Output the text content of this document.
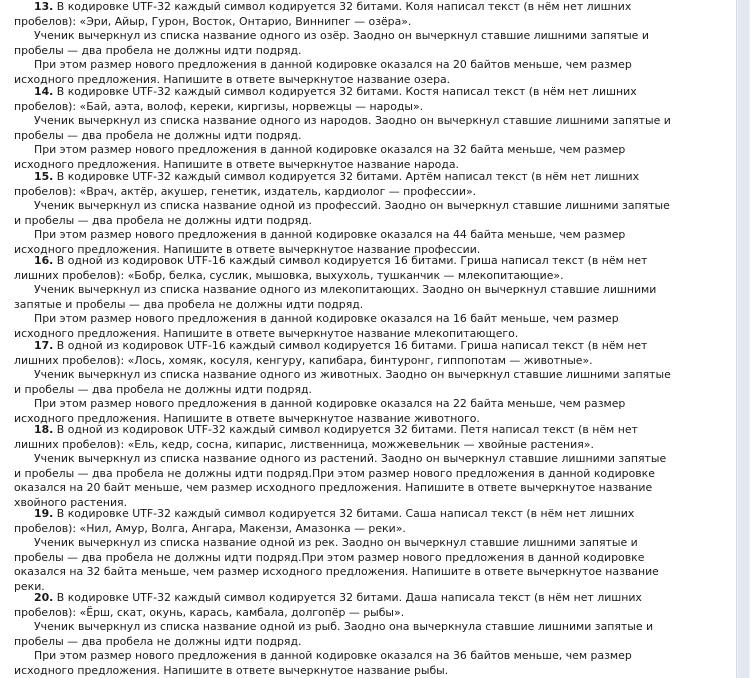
13. В кодировке UTF-32 каждый символ кодируется 32 битами. Коля написал текст (в нём нет лишних
пробелов): «Эри, Айыр, Гурон, Восток, Онтарио, Виннипег — озёра».
Ученик вычеркнул из списка название одного из озёр. Заодно он вычеркнул ставшие лишними запятые и
пробелы — два пробела не должны идти подряд.
При этом размер нового предложения в данной кодировке оказался на 20 байтов меньше, чем размер
исходного предложения. Напишите в ответе вычеркнутое название озера.
14. В кодировке UTF-32 каждый символ кодируется 32 битами. Костя написал текст (в нём нет лишних
пробелов): «Бай, аэта, волоф, кереки, киргизы, норвежцы — народы».
Ученик вычеркнул из списка название одного из народов. Заодно он вычеркнул ставшие лишними запятые и
пробелы — два пробела не должны идти подряд.
При этом размер нового предложения в данной кодировке оказался на 32 байта меньше, чем размер
исходного предложения. Напишите в ответе вычеркнутое название народа.
15. В кодировке UTF-32 каждый символ кодируется 32 битами. Артём написал текст (в нём нет лишних
пробелов): «Врач, актёр, акушер, генетик, издатель, кардиолог — профессии».
Ученик вычеркнул из списка название одной из профессий. Заодно он вычеркнул ставшие лишними запятые
и пробелы — два пробела не должны идти подряд.
При этом размер нового предложения в данной кодировке оказался на 44 байта меньше, чем размер
исходного предложения. Напишите в ответе вычеркнутое название профессии.
16. В одной из кодировок UTF-16 каждый символ кодируется 16 битами. Гриша написал текст (в нём нет
лишних пробелов): «Бобр, белка, суслик, мышовка, выхухоль, тушканчик — млекопитающие».
Ученик вычеркнул из списка название одного из млекопитающих. Заодно он вычеркнул ставшие лишними
запятые и пробелы — два пробела не должны идти подряд.
При этом размер нового предложения в данной кодировке оказался на 16 байт меньше, чем размер
исходного предложения. Напишите в ответе вычеркнутое название млекопитающего.
17. В одной из кодировок UTF-16 каждый символ кодируется 16 битами. Гриша написал текст (в нём нет
лишних пробелов): «Лось, хомяк, косуля, кенгуру, капибара, бинтуронг, гиппопотам — животные».
Ученик вычеркнул из списка название одного из животных. Заодно он вычеркнул ставшие лишними запятые
и пробелы — два пробела не должны идти подряд.
При этом размер нового предложения в данной кодировке оказался на 22 байта меньше, чем размер
исходного предложения. Напишите в ответе вычеркнутое название животного.
18. В одной из кодировок UTF-32 каждый символ кодируется 32 битами. Петя написал текст (в нём нет
лишних пробелов): «Ель, кедр, сосна, кипарис, лиственница, можжевельник — хвойные растения».
Ученик вычеркнул из списка название одного из растений. Заодно он вычеркнул ставшие лишними запятые
и пробелы — два пробела не должны идти подряд.При этом размер нового предложения в данной кодировке
оказался на 20 байт меньше, чем размер исходного предложения. Напишите в ответе вычеркнутое название
хвойного растения.
19. В кодировке UTF-32 каждый символ кодируется 32 битами. Саша написал текст (в нём нет лишних
пробелов): «Нил, Амур, Волга, Ангара, Макензи, Амазонка — реки».
Ученик вычеркнул из списка название одной из рек. Заодно он вычеркнул ставшие лишними запятые и
пробелы — два пробела не должны идти подряд.При этом размер нового предложения в данной кодировке
оказался на 32 байта меньше, чем размер исходного предложения. Напишите в ответе вычеркнутое название
реки.
20. В кодировке UTF-32 каждый символ кодируется 32 битами. Даша написала текст (в нём нет лишних
пробелов): «Ёрш, скат, окунь, карась, камбала, долгопёр — рыбы».
Ученик вычеркнул из списка название одной из рыб. Заодно она вычеркнула ставшие лишними запятые и
пробелы — два пробела не должны идти подряд.
При этом размер нового предложения в данной кодировке оказался на 36 байтов меньше, чем размер
исходного предложения. Напишите в ответе вычеркнутое название рыбы.
